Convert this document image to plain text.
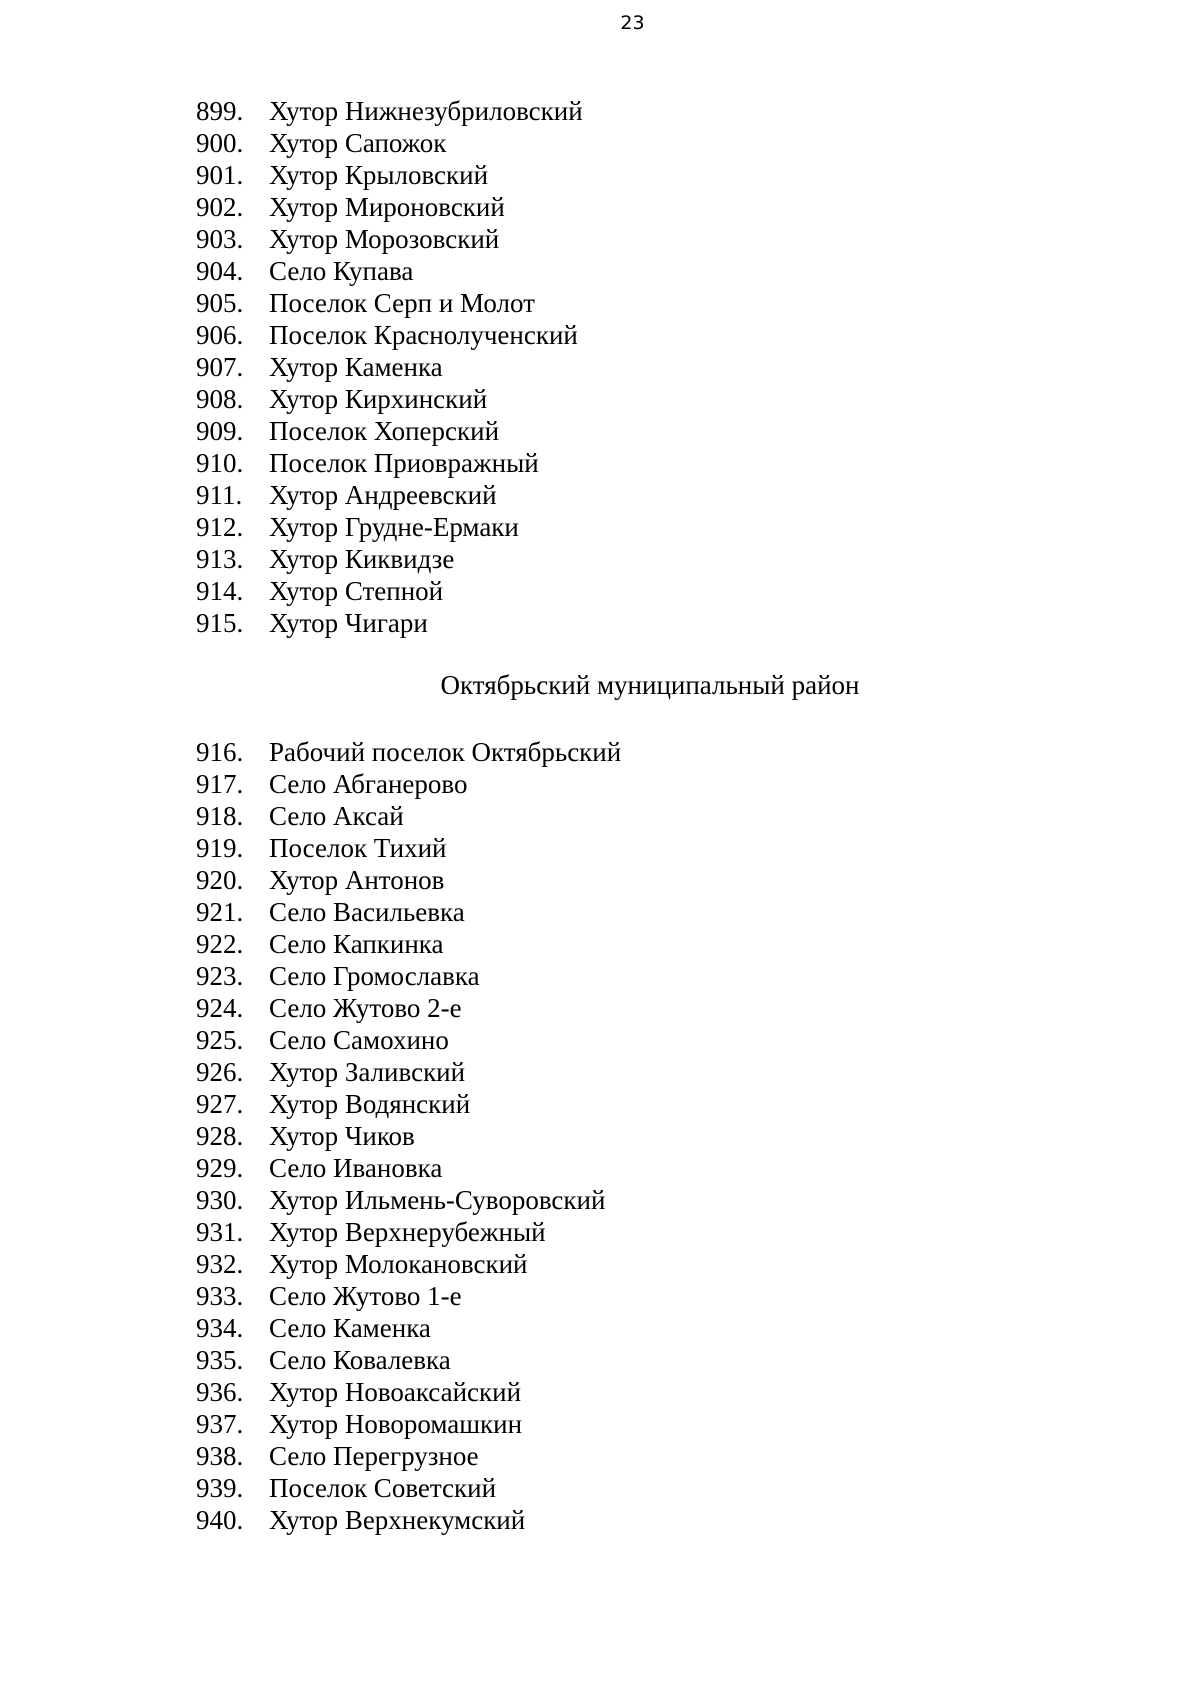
23
899. Хутор Нижнезубриловский
900. Хутор Сапожок
901. Хутор Крыловский
902. Хутор Мироновский
903. Хутор Морозовский
904. Село Купава
905. Поселок Серп и Молот
906. Поселок Краснолученский
907. Хутор Каменка
908. Хутор Кирхинский
909. Поселок Хоперский
910. Поселок Приовражный
911. Хутор Андреевский
912. Хутор Грудне-Ермаки
913. Хутор Киквидзе
914. Хутор Степной
915. Хутор Чигари
Октябрьский муниципальный район
916. Рабочий поселок Октябрьский
917. Село Абганерово
918. Село Аксай
919. Поселок Тихий
920. Хутор Антонов
921. Село Васильевка
922. Село Капкинка
923. Село Громославка
924. Село Жутово 2-е
925. Село Самохино
926. Хутор Заливский
927. Хутор Водянский
928. Хутор Чиков
929. Село Ивановка
930. Хутор Ильмень-Суворовский
931. Хутор Верхнерубежный
932. Хутор Молокановский
933. Село Жутово 1-е
934. Село Каменка
935. Село Ковалевка
936. Хутор Новоаксайский
937. Хутор Новоромашкин
938. Село Перегрузное
939. Поселок Советский
940. Хутор Верхнекумский
